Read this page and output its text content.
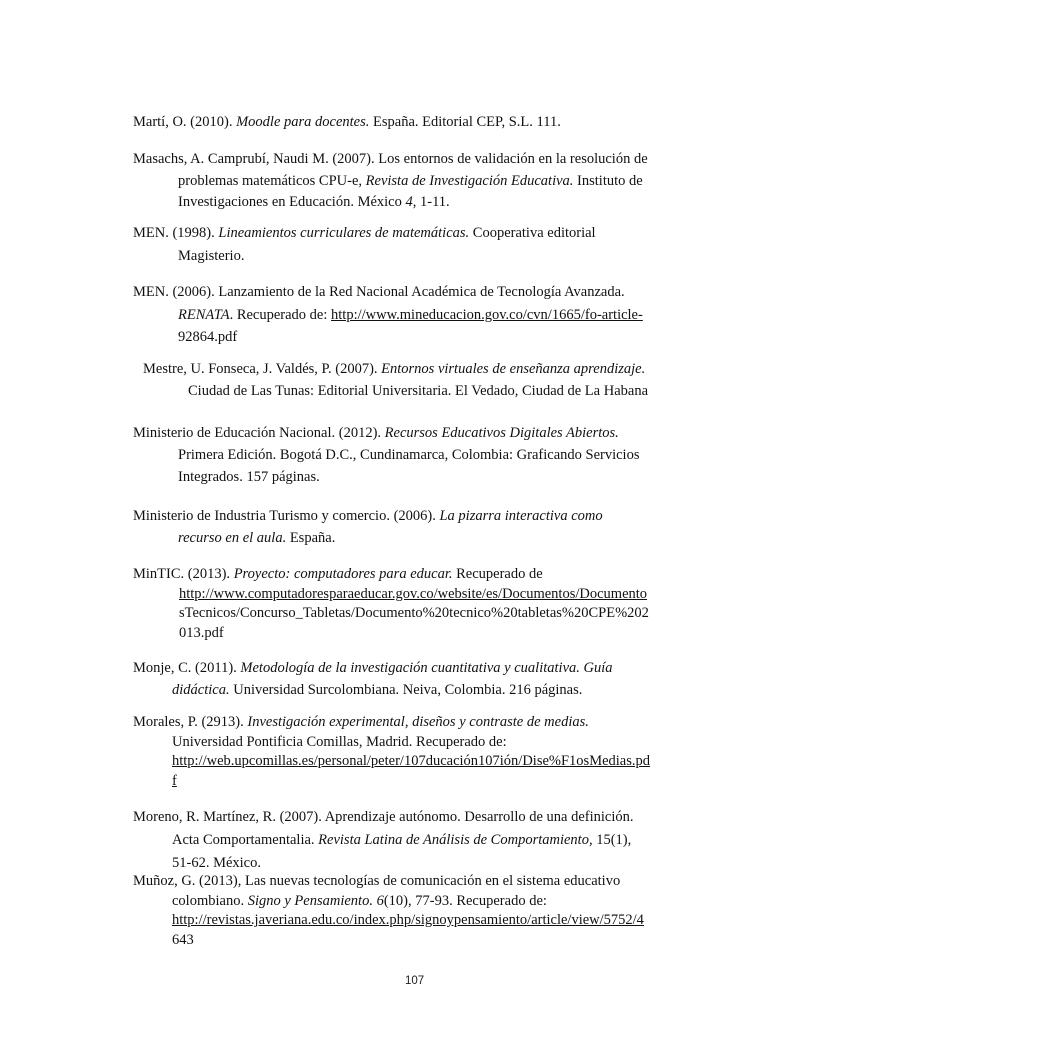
Martí, O. (2010). Moodle para docentes. España. Editorial CEP, S.L. 111.
Masachs, A. Camprubí, Naudi M. (2007). Los entornos de validación en la resolución de
problemas matemáticos CPU-e, Revista de Investigación Educativa. Instituto de
Investigaciones en Educación. México 4, 1-11.
MEN. (1998). Lineamientos curriculares de matemáticas. Cooperativa editorial
Magisterio.
MEN. (2006). Lanzamiento de la Red Nacional Académica de Tecnología Avanzada.
RENATA. Recuperado de: http://www.mineducacion.gov.co/cvn/1665/fo-article-
92864.pdf
Mestre, U. Fonseca, J. Valdés, P. (2007). Entornos virtuales de enseñanza aprendizaje.
Ciudad de Las Tunas: Editorial Universitaria. El Vedado, Ciudad de La Habana
Ministerio de Educación Nacional. (2012). Recursos Educativos Digitales Abiertos.
Primera Edición. Bogotá D.C., Cundinamarca, Colombia: Graficando Servicios
Integrados. 157 páginas.
Ministerio de Industria Turismo y comercio. (2006). La pizarra interactiva como
recurso en el aula. España.
MinTIC. (2013). Proyecto: computadores para educar. Recuperado de
http://www.computadoresparaeducar.gov.co/website/es/Documentos/Documento
sTecnicos/Concurso_Tabletas/Documento%20tecnico%20tabletas%20CPE%202
013.pdf
Monje, C. (2011). Metodología de la investigación cuantitativa y cualitativa. Guía
didáctica. Universidad Surcolombiana. Neiva, Colombia. 216 páginas.
Morales, P. (2913). Investigación experimental, diseños y contraste de medias.
Universidad Pontificia Comillas, Madrid. Recuperado de:
http://web.upcomillas.es/personal/peter/107ducación107ión/Dise%F1osMedias.pd
f
Moreno, R. Martínez, R. (2007). Aprendizaje autónomo. Desarrollo de una definición.
Acta Comportamentalia. Revista Latina de Análisis de Comportamiento, 15(1),
51-62. México.
Muñoz, G. (2013), Las nuevas tecnologías de comunicación en el sistema educativo
colombiano. Signo y Pensamiento. 6(10), 77-93. Recuperado de:
http://revistas.javeriana.edu.co/index.php/signoypensamiento/article/view/5752/4
643
107
